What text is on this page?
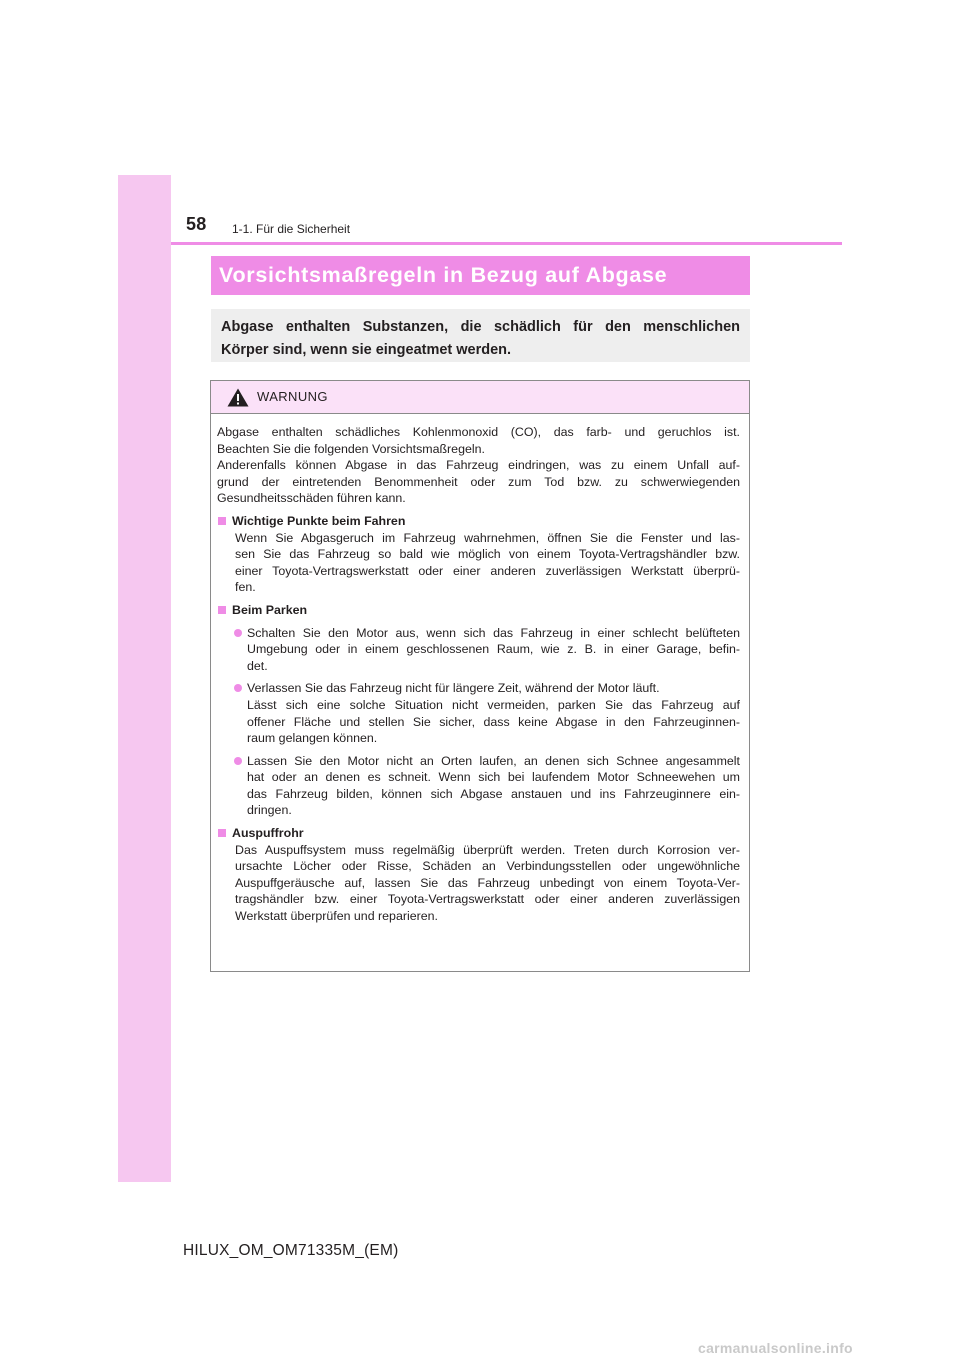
58 1-1. Für die Sicherheit
Vorsichtsmaßregeln in Bezug auf Abgase
Abgase enthalten Substanzen, die schädlich für den menschlichen
Körper sind, wenn sie eingeatmet werden.
WARNUNG

Abgase enthalten schädliches Kohlenmonoxid (CO), das farb- und geruchlos ist.
Beachten Sie die folgenden Vorsichtsmaßregeln.
Anderenfalls können Abgase in das Fahrzeug eindringen, was zu einem Unfall auf-
grund der eintretenden Benommenheit oder zum Tod bzw. zu schwerwiegenden
Gesundheitsschäden führen kann.

Wichtige Punkte beim Fahren

Wenn Sie Abgasgeruch im Fahrzeug wahrnehmen, öffnen Sie die Fenster und las-
sen Sie das Fahrzeug so bald wie möglich von einem Toyota-Vertragshändler bzw.
einer Toyota-Vertragswerkstatt oder einer anderen zuverlässigen Werkstatt überprü-
fen.

Beim Parken
Schalten Sie den Motor aus, wenn sich das Fahrzeug in einer schlecht belüfteten
Umgebung oder in einem geschlossenen Raum, wie z. B. in einer Garage, befin-
det.
Verlassen Sie das Fahrzeug nicht für längere Zeit, während der Motor läuft.
Lässt sich eine solche Situation nicht vermeiden, parken Sie das Fahrzeug auf
offener Fläche und stellen Sie sicher, dass keine Abgase in den Fahrzeuginnen-
raum gelangen können.
Lassen Sie den Motor nicht an Orten laufen, an denen sich Schnee angesammelt
hat oder an denen es schneit. Wenn sich bei laufendem Motor Schneewehen um
das Fahrzeug bilden, können sich Abgase anstauen und ins Fahrzeuginnere ein-
dringen.
Auspuffrohr

Das Auspuffsystem muss regelmäßig überprüft werden. Treten durch Korrosion ver-
ursachte Löcher oder Risse, Schäden an Verbindungsstellen oder ungewöhnliche
Auspuffgeräusche auf, lassen Sie das Fahrzeug unbedingt von einem Toyota-Ver-
tragshändler bzw. einer Toyota-Vertragswerkstatt oder einer anderen zuverlässigen
Werkstatt überprüfen und reparieren.

HILUX_OM_OM71335M_(EM)
carmanualsonline.info
